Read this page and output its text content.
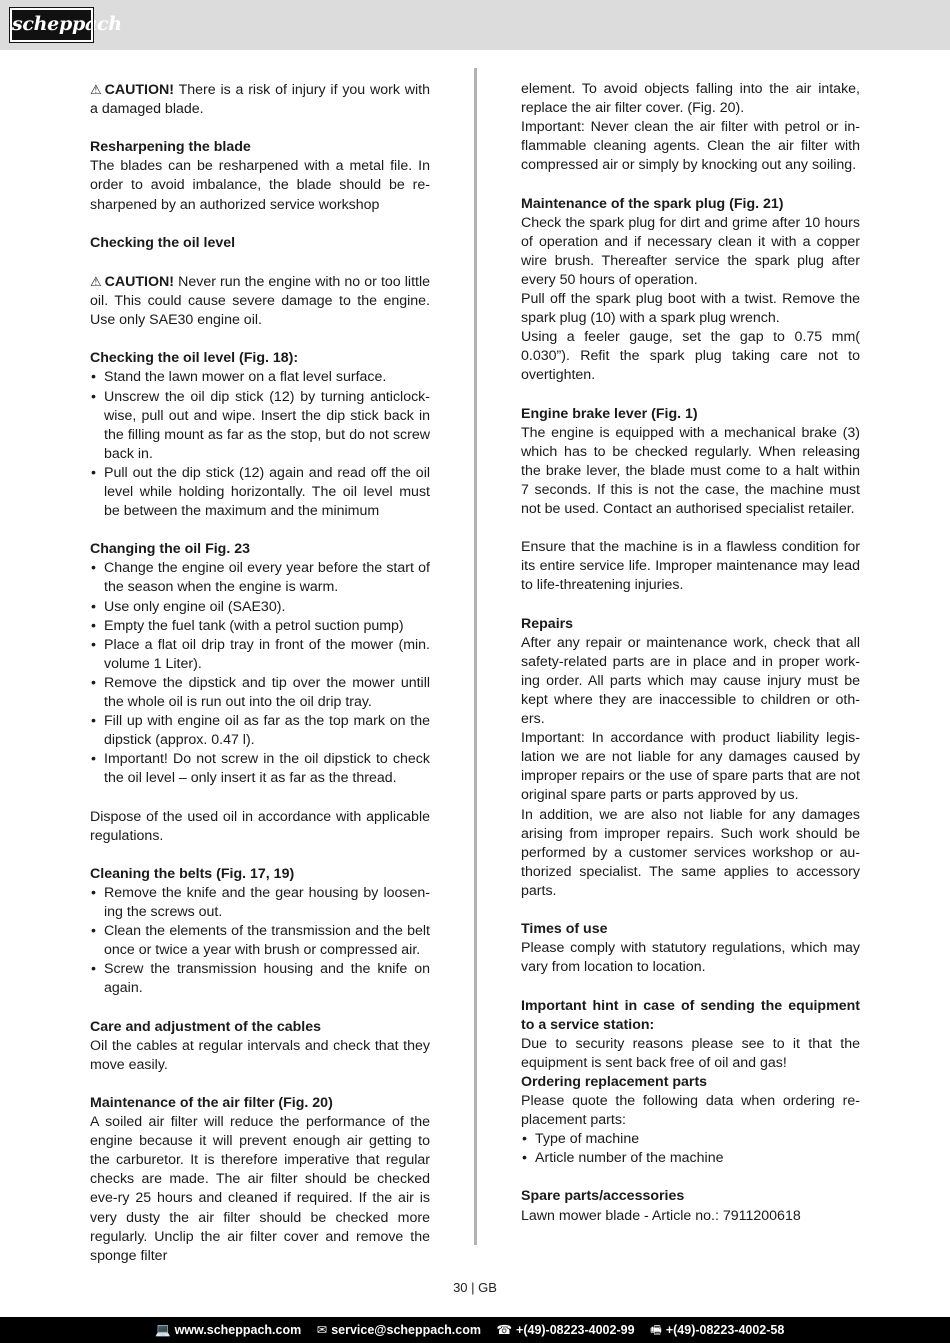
scheppach

⚠ CAUTION! There is a risk of injury if you work with a damaged blade.

Resharpening the blade

The blades can be resharpened with a metal file. In order to avoid imbalance, the blade should be re-sharpened by an authorized service workshop

Checking the oil level

⚠ CAUTION! Never run the engine with no or too little oil. This could cause severe damage to the engine. Use only SAE30 engine oil.

Checking the oil level (Fig. 18):

• Stand the lawn mower on a flat level surface.
• Unscrew the oil dip stick (12) by turning anticlock-wise, pull out and wipe. Insert the dip stick back in the filling mount as far as the stop, but do not screw back in.
• Pull out the dip stick (12) again and read off the oil level while holding horizontally. The oil level must be between the maximum and the minimum

Changing the oil Fig. 23

• Change the engine oil every year before the start of the season when the engine is warm.
• Use only engine oil (SAE30).
• Empty the fuel tank (with a petrol suction pump)
• Place a flat oil drip tray in front of the mower (min. volume 1 Liter).
• Remove the dipstick and tip over the mower untill the whole oil is run out into the oil drip tray.
• Fill up with engine oil as far as the top mark on the dipstick (approx. 0.47 l).
• Important! Do not screw in the oil dipstick to check the oil level – only insert it as far as the thread.

Dispose of the used oil in accordance with applicable regulations.

Cleaning the belts (Fig. 17, 19)

• Remove the knife and the gear housing by loosen-ing the screws out.
• Clean the elements of the transmission and the belt once or twice a year with brush or compressed air.
• Screw the transmission housing and the knife on again.

Care and adjustment of the cables

Oil the cables at regular intervals and check that they move easily.

Maintenance of the air filter (Fig. 20)

A soiled air filter will reduce the performance of the engine because it will prevent enough air getting to the carburetor. It is therefore imperative that regular checks are made. The air filter should be checked eve-ry 25 hours and cleaned if required. If the air is very dusty the air filter should be checked more regularly. Unclip the air filter cover and remove the sponge filter

element. To avoid objects falling into the air intake, replace the air filter cover. (Fig. 20).

Important: Never clean the air filter with petrol or in-flammable cleaning agents. Clean the air filter with compressed air or simply by knocking out any soiling.

Maintenance of the spark plug (Fig. 21)

Check the spark plug for dirt and grime after 10 hours of operation and if necessary clean it with a copper wire brush. Thereafter service the spark plug after every 50 hours of operation.

Pull off the spark plug boot with a twist. Remove the spark plug (10) with a spark plug wrench.

Using a feeler gauge, set the gap to 0.75 mm( 0.030”). Refit the spark plug taking care not to overtighten.

Engine brake lever (Fig. 1)

The engine is equipped with a mechanical brake (3) which has to be checked regularly. When releasing the brake lever, the blade must come to a halt within 7 seconds. If this is not the case, the machine must not be used. Contact an authorised specialist retailer.

Ensure that the machine is in a flawless condition for its entire service life. Improper maintenance may lead to life-threatening injuries.

Repairs

After any repair or maintenance work, check that all safety-related parts are in place and in proper work-ing order. All parts which may cause injury must be kept where they are inaccessible to children or oth-ers.

Important: In accordance with product liability legis-lation we are not liable for any damages caused by improper repairs or the use of spare parts that are not original spare parts or parts approved by us.

In addition, we are also not liable for any damages arising from improper repairs. Such work should be performed by a customer services workshop or au-thorized specialist. The same applies to accessory parts.

Times of use

Please comply with statutory regulations, which may vary from location to location.

Important hint in case of sending the equipment to a service station:

Due to security reasons please see to it that the equipment is sent back free of oil and gas!

Ordering replacement parts

Please quote the following data when ordering re-placement parts:

• Type of machine
• Article number of the machine

Spare parts/accessories

Lawn mower blade - Article no.: 7911200618

30 | GB
💻 www.scheppach.com ✉ service@scheppach.com ☎ +(49)-08223-4002-99 🖷 +(49)-08223-4002-58
